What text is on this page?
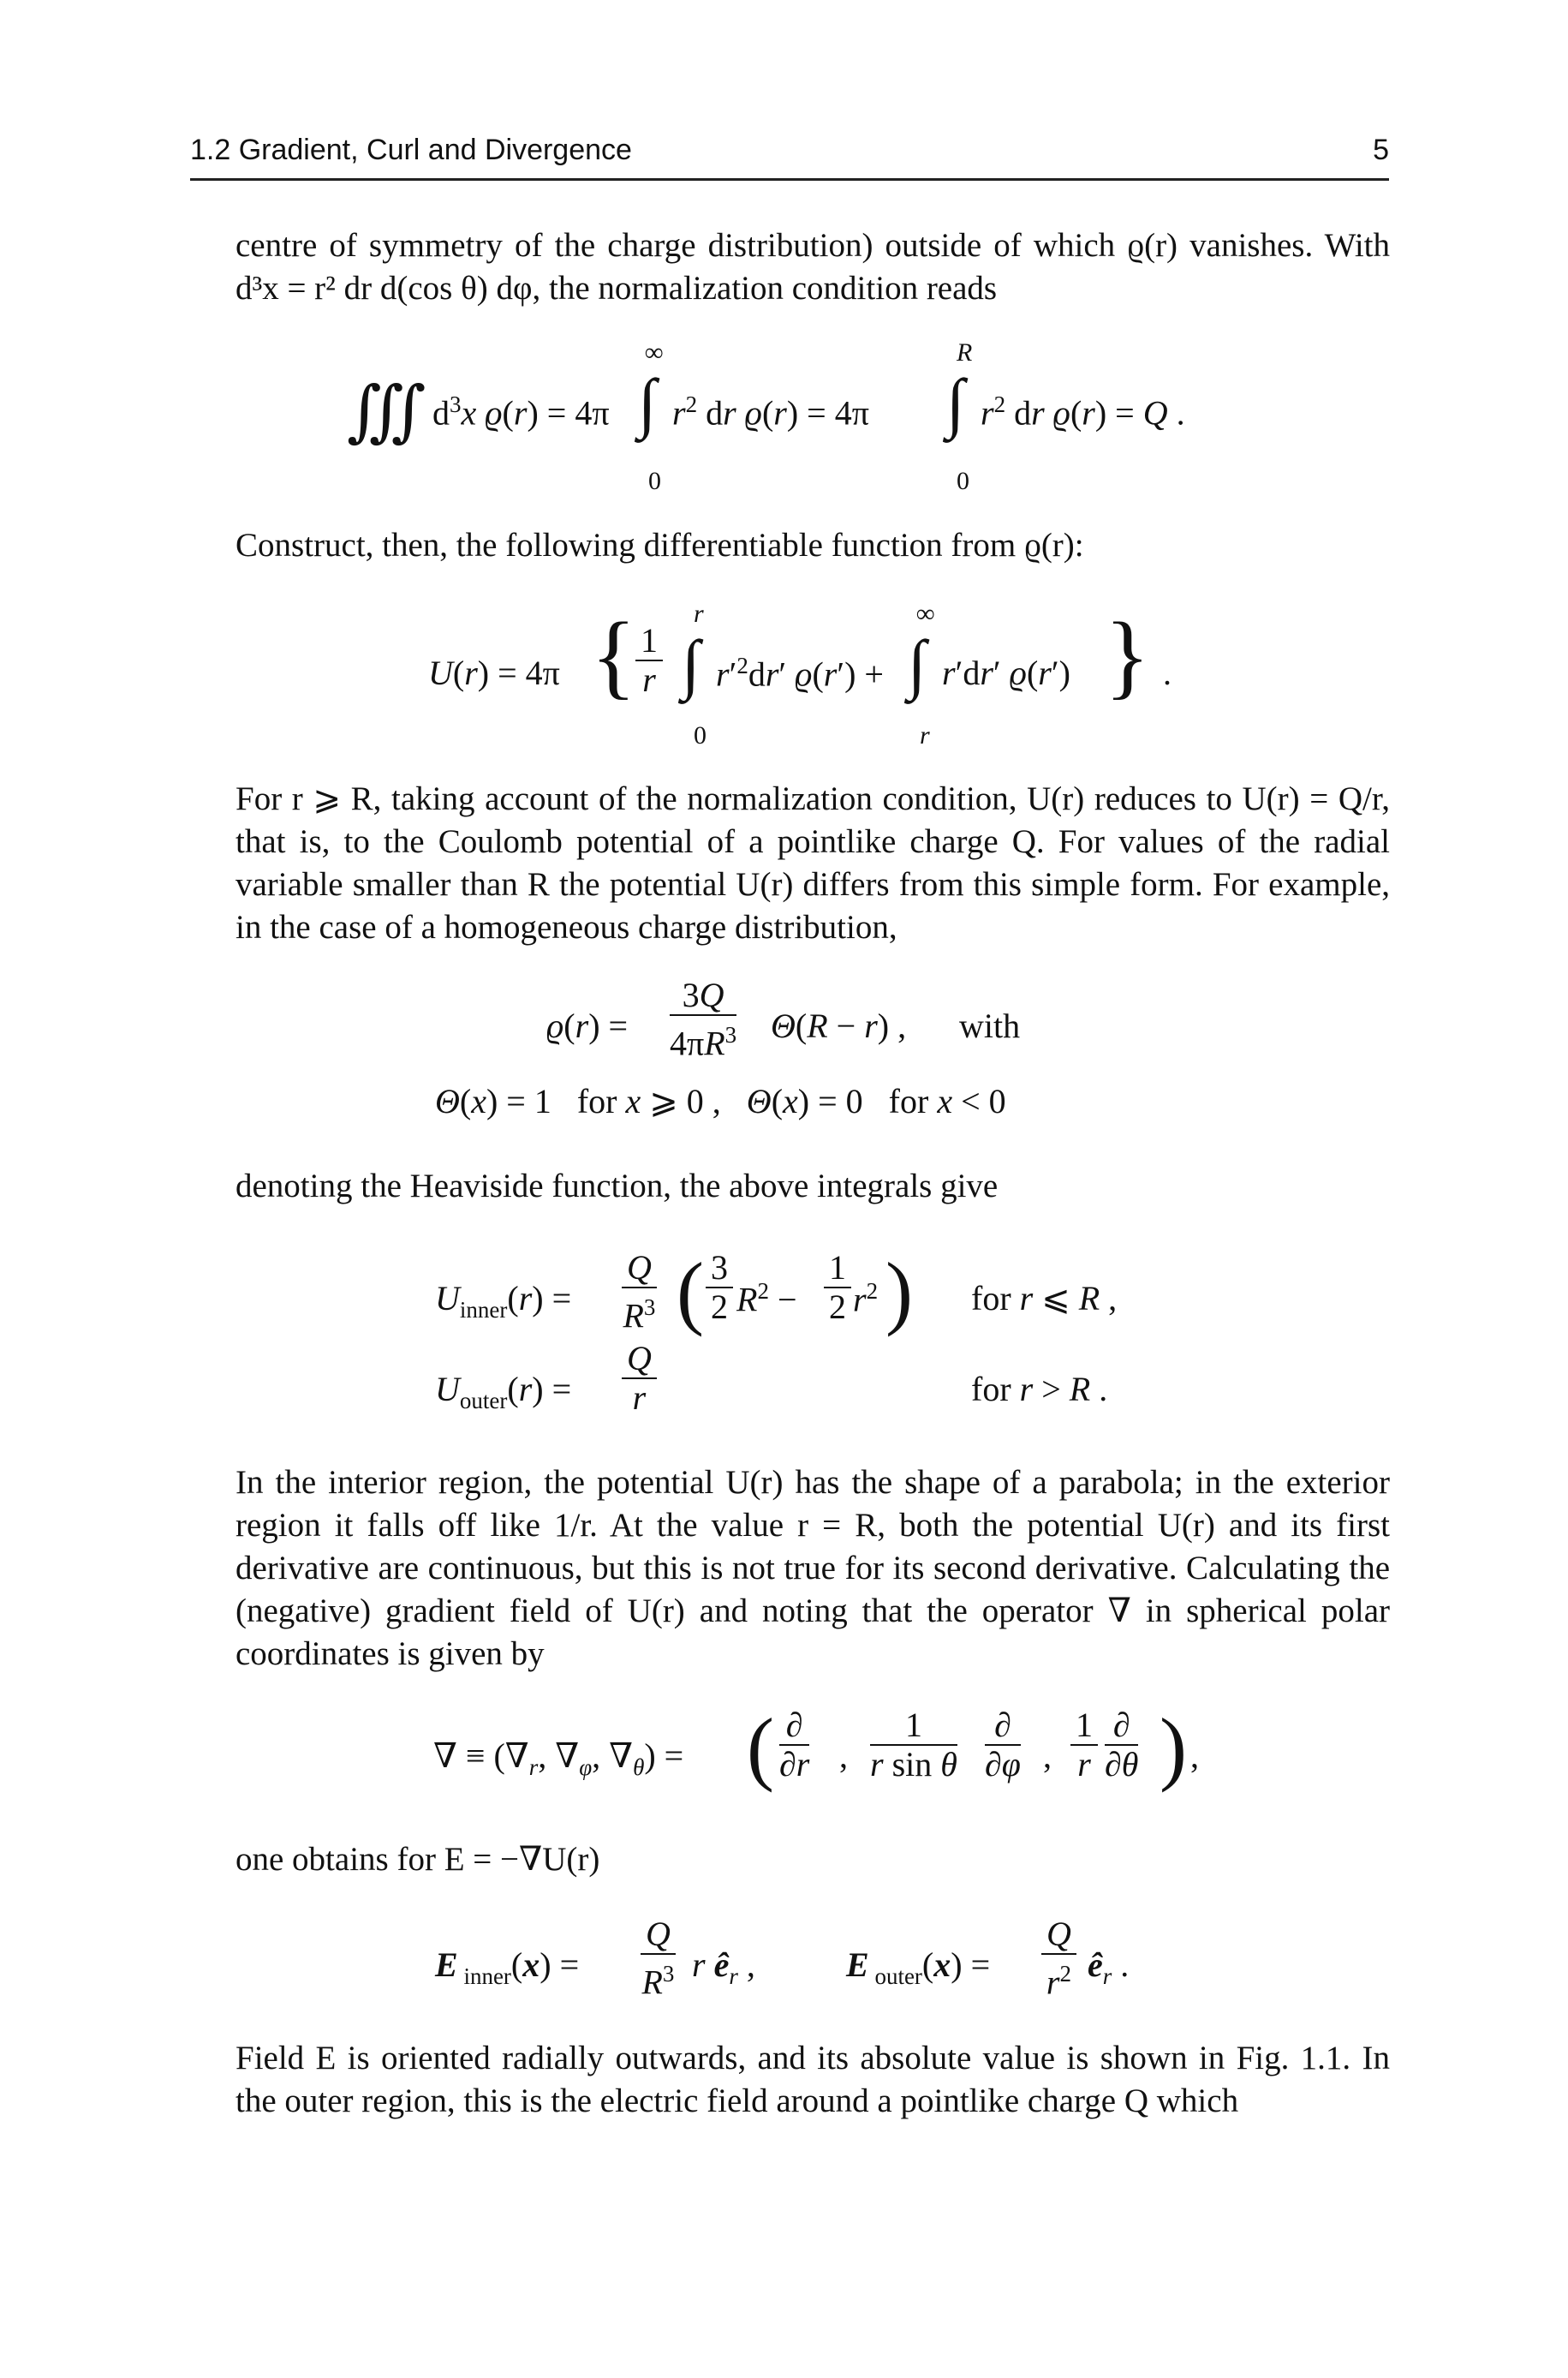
1.2 Gradient, Curl and Divergence	5
centre of symmetry of the charge distribution) outside of which ϱ(r) vanishes. With d³x = r² dr d(cos θ) dφ, the normalization condition reads
∭ $d^3x$ ϱ(r) = 4π
∞
∫
0
$r^2$ dr ϱ(r) = 4π
R
∫
0
$r^2$ dr ϱ(r) = Q .
Construct, then, the following differentiable function from ϱ(r):
U(r) = 4π { $\frac{1}{r}$
r
∫
0
$r'^2dr'$ ϱ(r′) +
∞
∫
r
r′dr′ ϱ(r′) } .
For r ⩾ R, taking account of the normalization condition, U(r) reduces to U(r) = Q/r, that is, to the Coulomb potential of a pointlike charge Q. For values of the radial variable smaller than R the potential U(r) differs from this simple form. For example, in the case of a homogeneous charge distribution,
$ϱ(r) = \frac{3Q}{4\pi R^3} \Theta(R - r)$ , with
Θ(x) = 1   for x ⩾ 0 ,   Θ(x) = 0   for x < 0
denoting the Heaviside function, the above integrals give
$U_{inner}(r) = \frac{Q}{R^3}$ ( $\frac{3}{2} R^2 - \frac{1}{2} r^2$ ) for r ⩽ R ,
$U_{outer}(r) = \frac{Q}{r}$	for r > R .
In the interior region, the potential U(r) has the shape of a parabola; in the exterior region it falls off like 1/r. At the value r = R, both the potential U(r) and its first derivative are continuous, but this is not true for its second derivative. Calculating the (negative) gradient field of U(r) and noting that the operator ∇ in spherical polar coordinates is given by
∇ ≡ ($\nabla_r$, $\nabla_\varphi$, $\nabla_\theta$) = ( ∂
∂r , $\frac{1}{\text{r sin θ}}$ ∂
∂φ , $\frac{1}{r}$ ∂
∂θ ) ,
one obtains for E = −∇U(r)
E $_{inner}(x) = \frac{Q}{R^3}$ r $ê_r$ ,	E $_{outer}(x) = \frac{Q}{r^2}$ $ê_r$ .
Field E is oriented radially outwards, and its absolute value is shown in Fig. 1.1. In the outer region, this is the electric field around a pointlike charge Q which
